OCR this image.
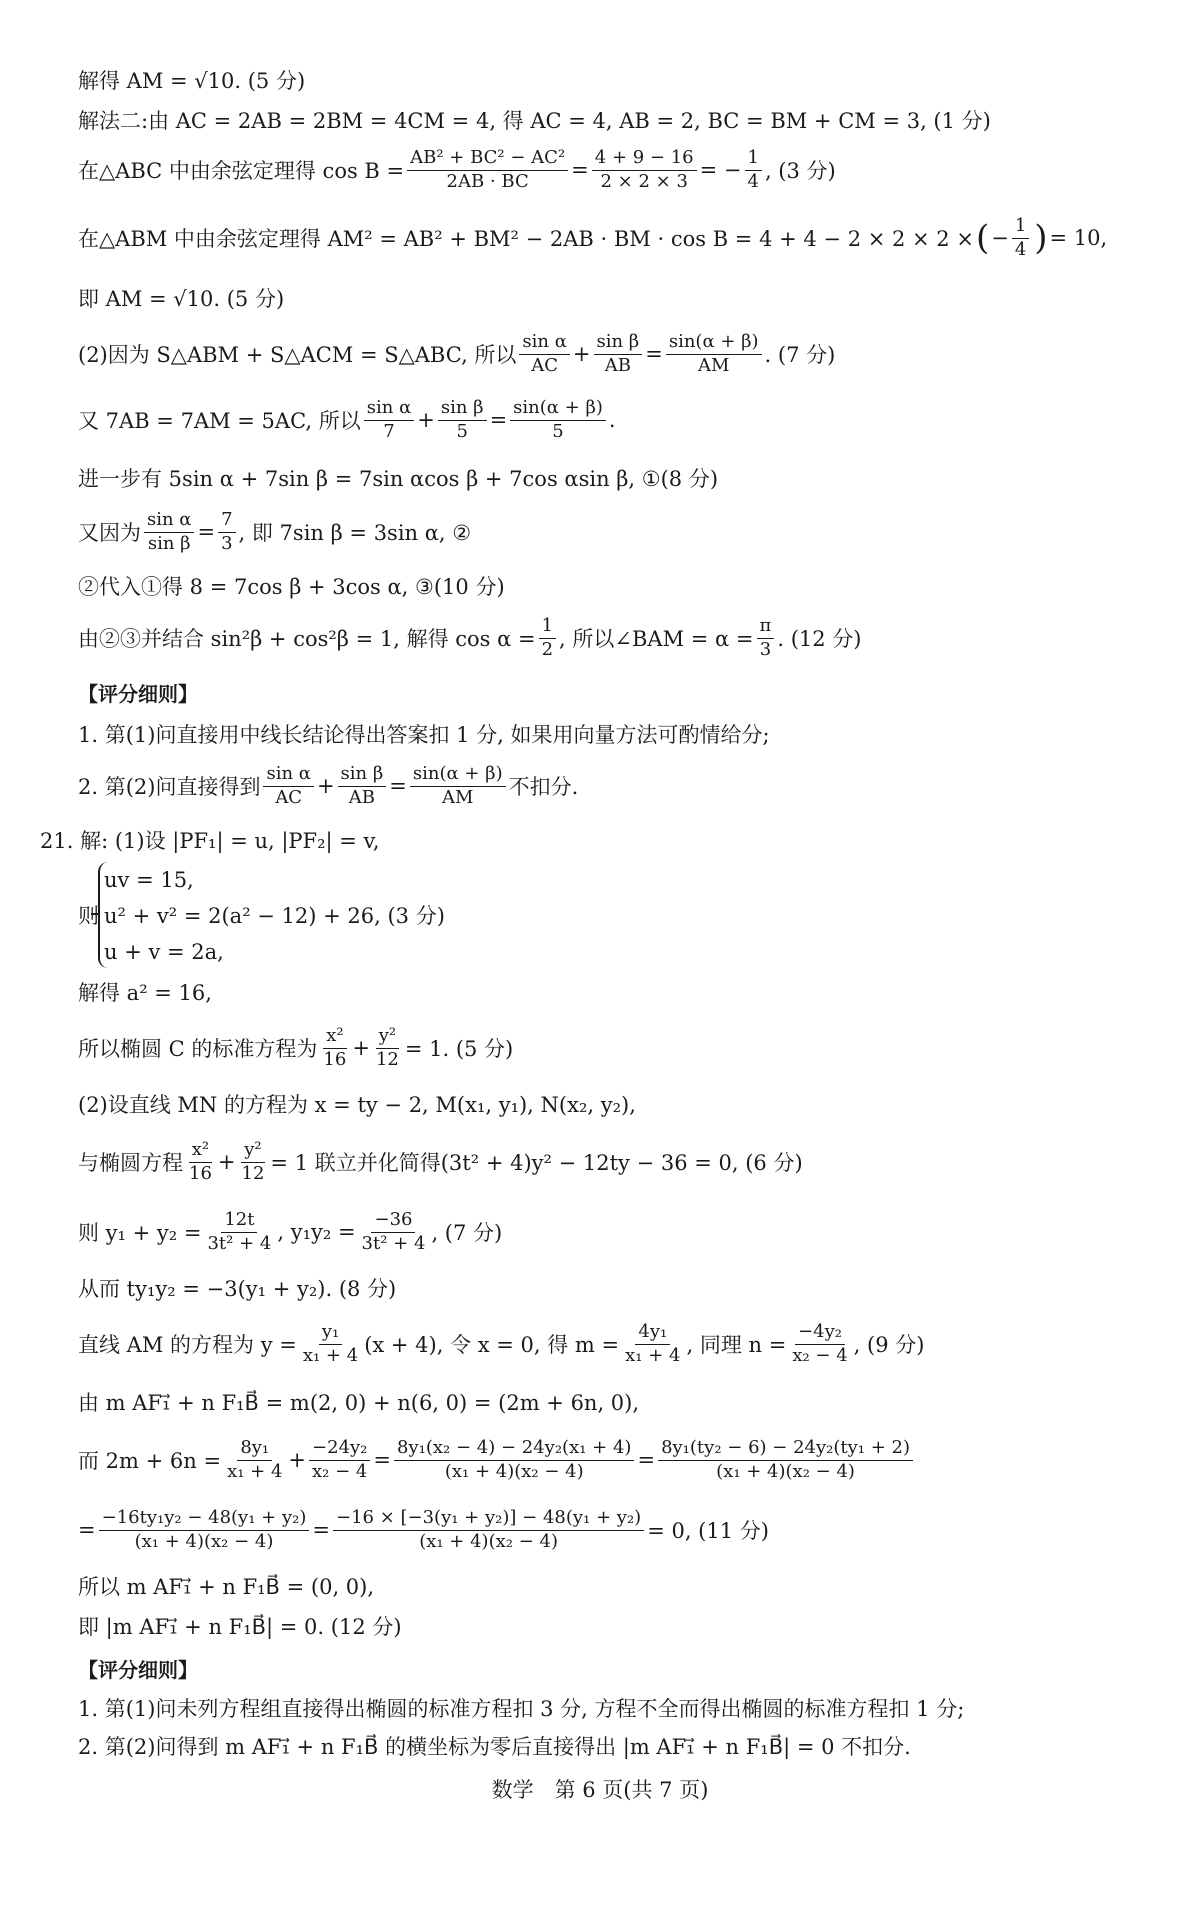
解得 AM = √10. (5 分)
解法二:由 AC = 2AB = 2BM = 4CM = 4, 得 AC = 4, AB = 2, BC = BM + CM = 3, (1 分)
在△ABC 中由余弦定理得 $\cos B = \frac{\text{AB² + BC² − AC²}}{2AB \cdot BC} = \frac{4 + 9 - 16}{2 \times 2 \times 3}$ = − $\frac{1}{4}$ , (3 分)
在△ABM 中由余弦定理得 AM² = AB² + BM² − 2AB · BM · cos B = 4 + 4 − 2 × 2 × 2 × ( − $\frac{1}{4}$ ) = 10,
即 AM = √10. (5 分)
(2)因为 S△ABM + S△ACM = S△ABC, 所以 $\frac{\text{sin α}}{AC} + \frac{\text{sin β}}{AB} = \frac{\sin(\alpha + \beta)}{AM}$ . (7 分)
又 7AB = 7AM = 5AC, 所以 $\frac{\text{sin α}}{7} + \frac{\text{sin β}}{5} = \frac{\sin(\alpha + \beta)}{5}$ .
进一步有 5sin α + 7sin β = 7sin αcos β + 7cos αsin β, ①(8 分)
又因为 $\frac{\text{sin α}}{\text{sin β}} = \frac{7}{3}$ , 即 7sin β = 3sin α, ②
②代入①得 8 = 7cos β + 3cos α, ③(10 分)
由②③并结合 sin²β + cos²β = 1, 解得 $\cos \alpha = \frac{1}{2}$ , 所以∠BAM = $\alpha = \frac{\pi}{3}$ . (12 分)
【评分细则】
1. 第(1)问直接用中线长结论得出答案扣 1 分, 如果用向量方法可酌情给分;
2. 第(2)问直接得到 $\frac{\text{sin α}}{AC} + \frac{\text{sin β}}{AB} = \frac{\sin(\alpha + \beta)}{AM}$ 不扣分.
21. 解: (1)设 |PF₁| = u, |PF₂| = v,
uv = 15,
则 u² + v² = 2(a² − 12) + 26, (3 分)
u + v = 2a,
解得 a² = 16,
所以椭圆 C 的标准方程为 $\frac{\text{x²}}{16} + \frac{\text{y²}}{12} = 1$. (5 分)
(2)设直线 MN 的方程为 x = ty − 2, M(x₁, y₁), N(x₂, y₂),
与椭圆方程 $\frac{\text{x²}}{16} + \frac{\text{y²}}{12} = 1$ 联立并化简得(3t² + 4)y² − 12ty − 36 = 0, (6 分)
则 $y_1 + y_2 = \frac{12t}{\text{3t² + 4}}$ , $y_1y_2 = \frac{-36}{\text{3t² + 4}}$ , (7 分)
从而 ty₁y₂ = −3(y₁ + y₂). (8 分)
直线 AM 的方程为 $y = \frac{\text{y₁}}{\text{x₁ + 4}} (x + 4)$, 令 x = 0, 得 $m = \frac{\text{4y₁}}{\text{x₁ + 4}}$ , 同理 $n = \frac{\text{−4y₂}}{\text{x₂ − 4}}$ , (9 分)
由 m AF₁⃗ + n F₁B⃗ = m(2, 0) + n(6, 0) = (2m + 6n, 0),
而 $2m + 6n = \frac{\text{8y₁}}{\text{x₁ + 4}} + \frac{\text{−24y₂}}{\text{x₂ − 4}} = \frac{\text{8y₁(x₂ − 4) − 24y₂(x₁ + 4)}}{\text{(x₁ + 4)(x₂ − 4)}} = \frac{\text{8y₁(ty₂ − 6) − 24y₂(ty₁ + 2)}}{\text{(x₁ + 4)(x₂ − 4)}}$
= $\frac{\text{−16ty₁y₂ − 48(y₁ + y₂)}}{\text{(x₁ + 4)(x₂ − 4)}} = \frac{\text{−16 × [−3(y₁ + y₂)] − 48(y₁ + y₂)}}{\text{(x₁ + 4)(x₂ − 4)}} = 0$, (11 分)
所以 m AF₁⃗ + n F₁B⃗ = (0, 0),
即 |m AF₁⃗ + n F₁B⃗| = 0. (12 分)
【评分细则】
1. 第(1)问未列方程组直接得出椭圆的标准方程扣 3 分, 方程不全而得出椭圆的标准方程扣 1 分;
2. 第(2)问得到 m AF₁⃗ + n F₁B⃗ 的横坐标为零后直接得出 |m AF₁⃗ + n F₁B⃗| = 0 不扣分.
数学　第 6 页(共 7 页)
